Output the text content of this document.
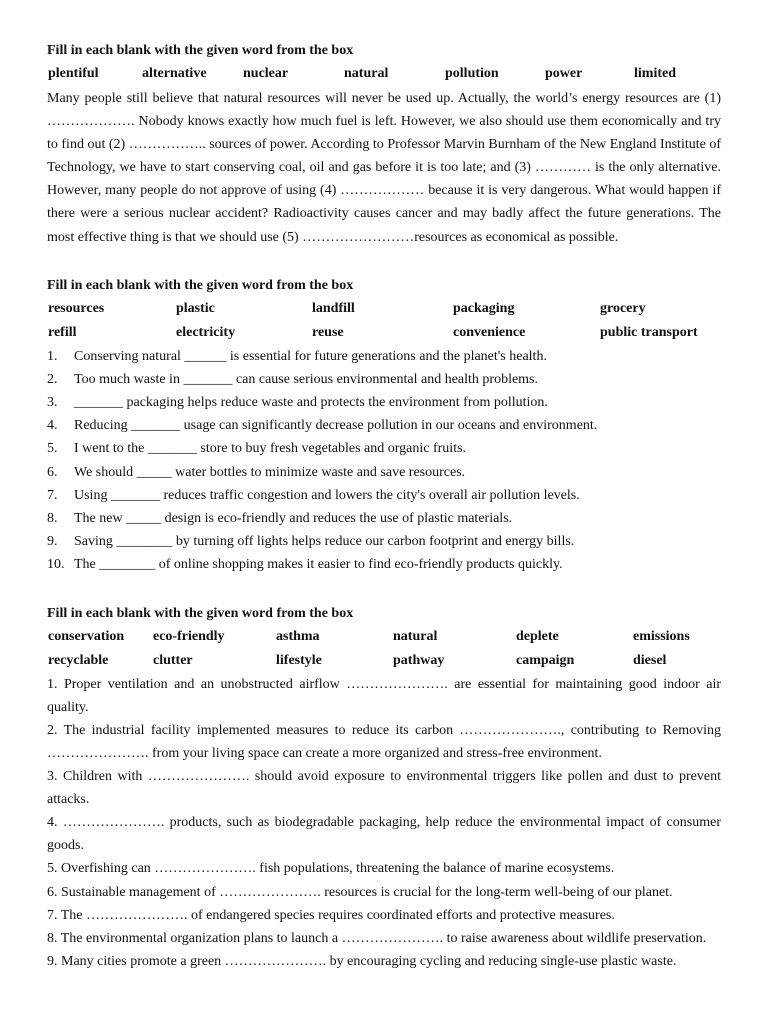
Fill in each blank with the given word from the box
plentiful	alternative	nuclear	natural	pollution	power	limited

Many people still believe that natural resources will never be used up. Actually, the world’s energy resources are (1) ………………. Nobody knows exactly how much fuel is left. However, we also should use them economically and try to find out (2) …………….. sources of power. According to Professor Marvin Burnham of the New England Institute of Technology, we have to start conserving coal, oil and gas before it is too late; and (3) ………… is the only alternative. However, many people do not approve of using (4) ……………… because it is very dangerous. What would happen if there were a serious nuclear accident? Radioactivity causes cancer and may badly affect the future generations. The most effective thing is that we should use (5) ……………………resources as economical as possible.

Fill in each blank with the given word from the box
resources	plastic	landfill	packaging	grocery
refill	electricity	reuse	convenience	public transport
1.	Conserving natural ______ is essential for future generations and the planet's health.
2.	Too much waste in _______ can cause serious environmental and health problems.
3.	_______ packaging helps reduce waste and protects the environment from pollution.
4.	Reducing _______ usage can significantly decrease pollution in our oceans and environment.
5.	I went to the _______ store to buy fresh vegetables and organic fruits.
6.	We should _____ water bottles to minimize waste and save resources.
7.	Using _______ reduces traffic congestion and lowers the city's overall air pollution levels.
8.	The new _____ design is eco-friendly and reduces the use of plastic materials.
9.	Saving ________ by turning off lights helps reduce our carbon footprint and energy bills.
10. The ________ of online shopping makes it easier to find eco-friendly products quickly.
Fill in each blank with the given word from the box
conservation	eco-friendly	asthma	natural	deplete	emissions
recyclable	clutter	lifestyle	pathway	campaign	diesel
1. Proper ventilation and an unobstructed airflow …………………. are essential for maintaining good indoor air quality.
2. The industrial facility implemented measures to reduce its carbon …………………., contributing to Removing …………………. from your living space can create a more organized and stress-free environment.
3. Children with …………………. should avoid exposure to environmental triggers like pollen and dust to prevent attacks.
4. …………………. products, such as biodegradable packaging, help reduce the environmental impact of consumer goods.
5. Overfishing can …………………. fish populations, threatening the balance of marine ecosystems.
6. Sustainable management of …………………. resources is crucial for the long-term well-being of our planet.
7. The …………………. of endangered species requires coordinated efforts and protective measures.
8. The environmental organization plans to launch a …………………. to raise awareness about wildlife preservation.
9. Many cities promote a green …………………. by encouraging cycling and reducing single-use plastic waste.
